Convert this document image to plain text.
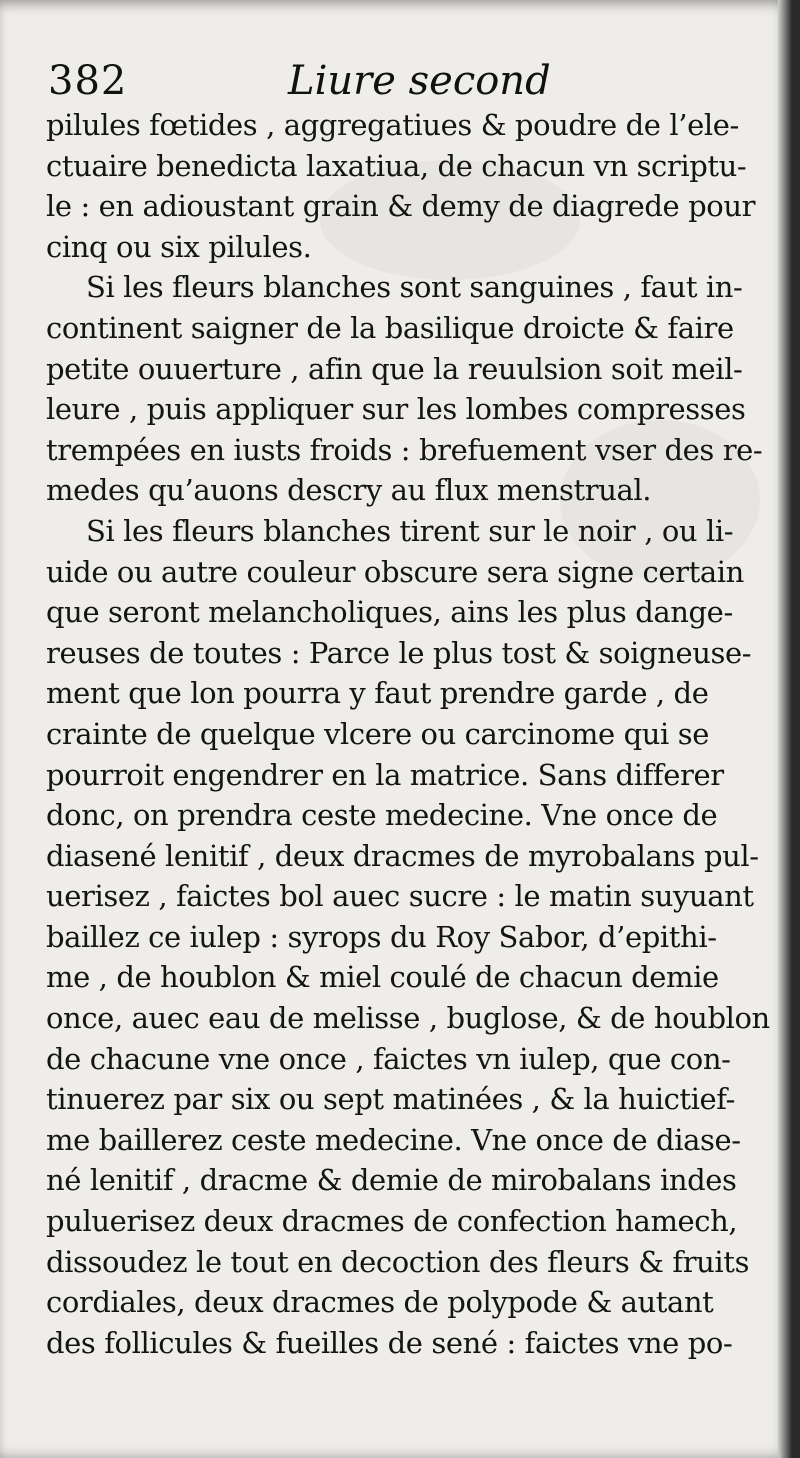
382	Liure second
pilules fœtides , aggregatiues & poudre de l’ele-
ctuaire benedicta laxatiua, de chacun vn scriptu-
le : en adioustant grain & demy de diagrede pour
cinq ou six pilules.
Si les fleurs blanches sont sanguines , faut in-
continent saigner de la basilique droicte & faire
petite ouuerture , afin que la reuulsion soit meil-
leure , puis appliquer sur les lombes compresses
trempées en iusts froids : brefuement vser des re-
medes qu’auons descry au flux menstrual.
Si les fleurs blanches tirent sur le noir , ou li-
uide ou autre couleur obscure sera signe certain
que seront melancholiques, ains les plus dange-
reuses de toutes : Parce le plus tost & soigneuse-
ment que lon pourra y faut prendre garde , de
crainte de quelque vlcere ou carcinome qui se
pourroit engendrer en la matrice. Sans differer
donc, on prendra ceste medecine. Vne once de
diasené lenitif , deux dracmes de myrobalans pul-
uerisez , faictes bol auec sucre : le matin suyuant
baillez ce iulep : syrops du Roy Sabor, d’epithi-
me , de houblon & miel coulé de chacun demie
once, auec eau de melisse , buglose, & de houblon
de chacune vne once , faictes vn iulep, que con-
tinuerez par six ou sept matinées , & la huictief-
me baillerez ceste medecine. Vne once de diase-
né lenitif , dracme & demie de mirobalans indes
puluerisez deux dracmes de confection hamech,
dissoudez le tout en decoction des fleurs & fruits
cordiales, deux dracmes de polypode & autant
des follicules & fueilles de sené : faictes vne po-
